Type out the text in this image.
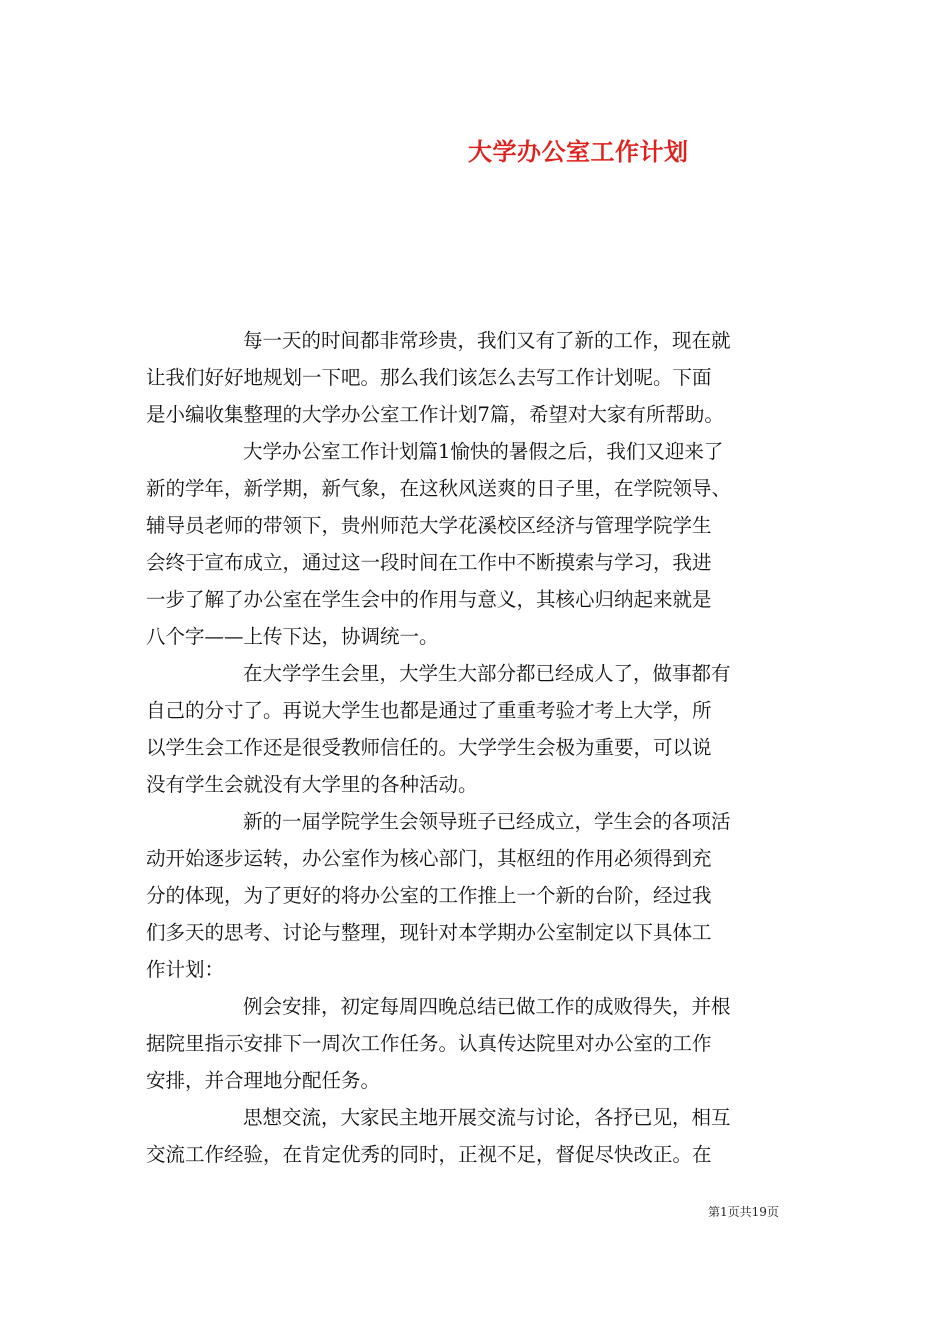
大学办公室工作计划

每一天的时间都非常珍贵，我们又有了新的工作，现在就
让我们好好地规划一下吧。那么我们该怎么去写工作计划呢。下面
是小编收集整理的大学办公室工作计划7篇，希望对大家有所帮助。

大学办公室工作计划篇1愉快的暑假之后，我们又迎来了
新的学年，新学期，新气象，在这秋风送爽的日子里，在学院领导、
辅导员老师的带领下，贵州师范大学花溪校区经济与管理学院学生
会终于宣布成立，通过这一段时间在工作中不断摸索与学习，我进
一步了解了办公室在学生会中的作用与意义，其核心归纳起来就是
八个字——上传下达，协调统一。

在大学学生会里，大学生大部分都已经成人了，做事都有
自己的分寸了。再说大学生也都是通过了重重考验才考上大学，所
以学生会工作还是很受教师信任的。大学学生会极为重要，可以说
没有学生会就没有大学里的各种活动。

新的一届学院学生会领导班子已经成立，学生会的各项活
动开始逐步运转，办公室作为核心部门，其枢纽的作用必须得到充
分的体现，为了更好的将办公室的工作推上一个新的台阶，经过我
们多天的思考、讨论与整理，现针对本学期办公室制定以下具体工
作计划：

例会安排，初定每周四晚总结已做工作的成败得失，并根
据院里指示安排下一周次工作任务。认真传达院里对办公室的工作
安排，并合理地分配任务。

思想交流，大家民主地开展交流与讨论，各抒已见，相互
交流工作经验，在肯定优秀的同时，正视不足，督促尽快改正。在

第1页共19页
